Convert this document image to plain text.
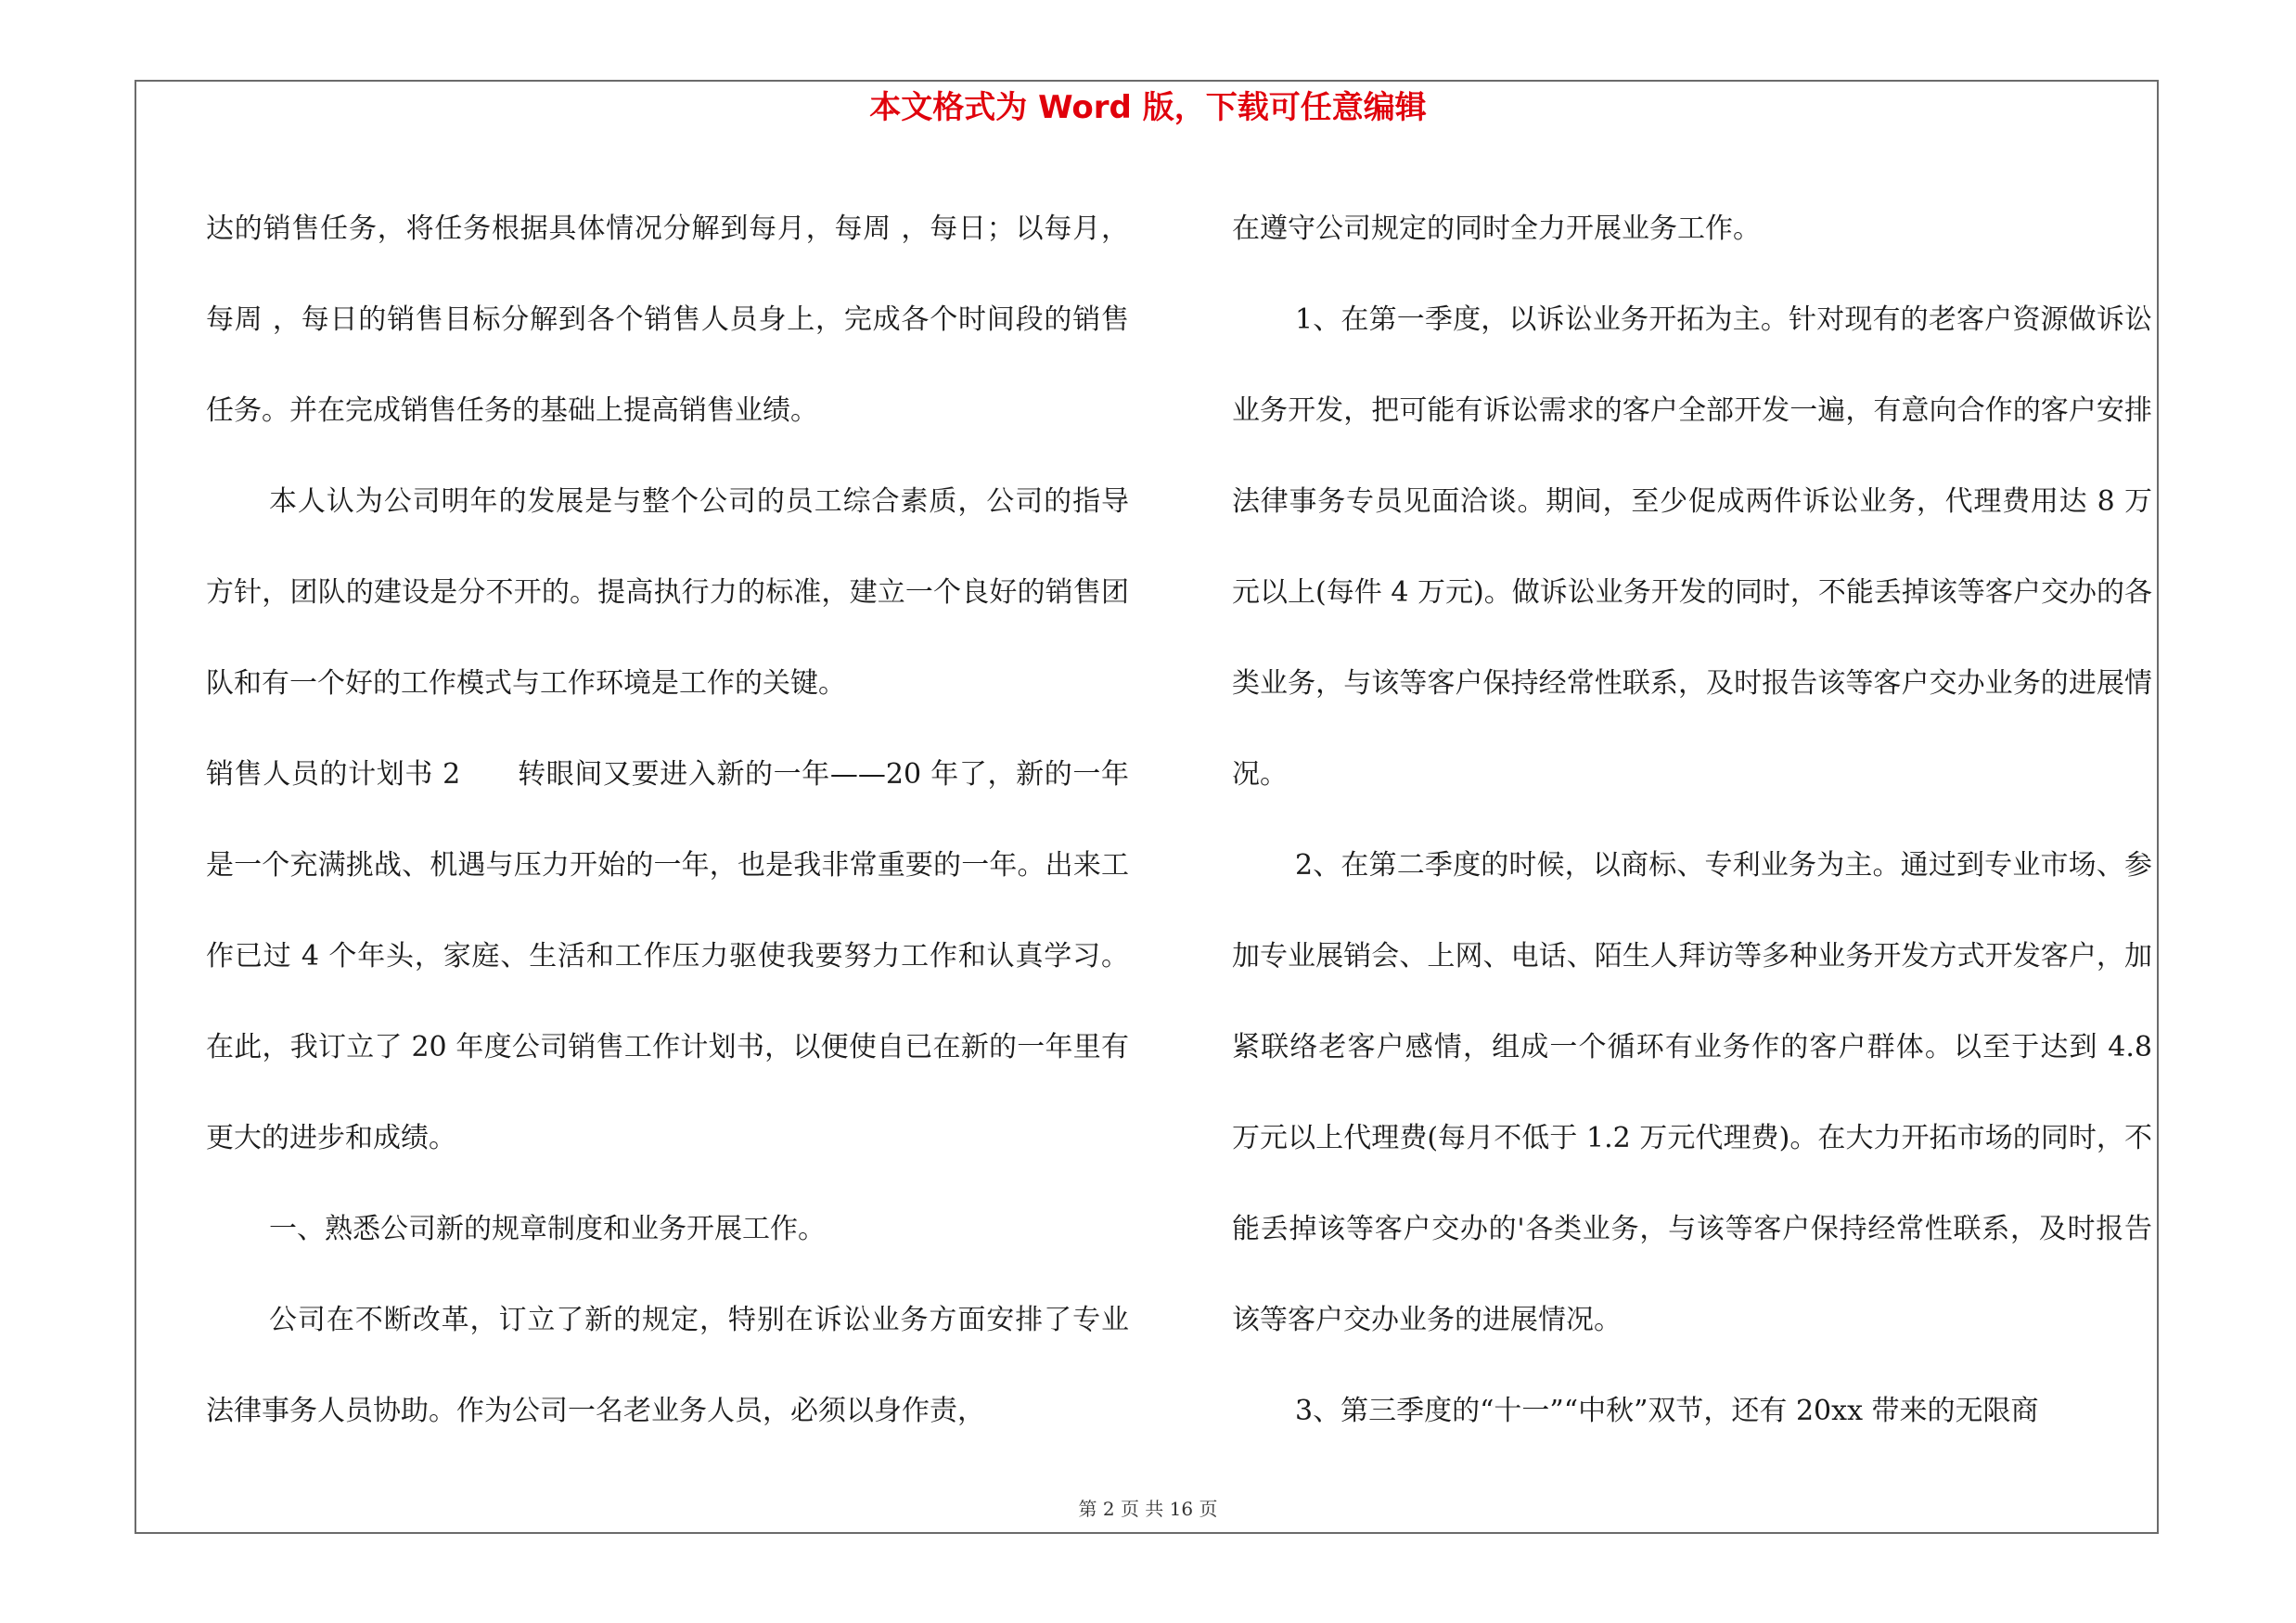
本文格式为 Word 版，下载可任意编辑

达的销售任务，将任务根据具体情况分解到每月，每周 ，每日；以每月，每周 ，每日的销售目标分解到各个销售人员身上，完成各个时间段的销售任务。并在完成销售任务的基础上提高销售业绩。

本人认为公司明年的发展是与整个公司的员工综合素质，公司的指导方针，团队的建设是分不开的。提高执行力的标准，建立一个良好的销售团队和有一个好的工作模式与工作环境是工作的关键。

销售人员的计划书 2　　转眼间又要进入新的一年——20 年了，新的一年是一个充满挑战、机遇与压力开始的一年，也是我非常重要的一年。出来工作已过 4 个年头，家庭、生活和工作压力驱使我要努力工作和认真学习。在此，我订立了 20 年度公司销售工作计划书，以便使自已在新的一年里有更大的进步和成绩。

一、熟悉公司新的规章制度和业务开展工作。

公司在不断改革，订立了新的规定，特别在诉讼业务方面安排了专业法律事务人员协助。作为公司一名老业务人员，必须以身作责，

在遵守公司规定的同时全力开展业务工作。

1、在第一季度，以诉讼业务开拓为主。针对现有的老客户资源做诉讼业务开发，把可能有诉讼需求的客户全部开发一遍，有意向合作的客户安排法律事务专员见面洽谈。期间，至少促成两件诉讼业务，代理费用达 8 万元以上(每件 4 万元)。做诉讼业务开发的同时，不能丢掉该等客户交办的各类业务，与该等客户保持经常性联系，及时报告该等客户交办业务的进展情况。

2、在第二季度的时候，以商标、专利业务为主。通过到专业市场、参加专业展销会、上网、电话、陌生人拜访等多种业务开发方式开发客户，加紧联络老客户感情，组成一个循环有业务作的客户群体。以至于达到 4.8 万元以上代理费(每月不低于 1.2 万元代理费)。在大力开拓市场的同时，不能丢掉该等客户交办的'各类业务，与该等客户保持经常性联系，及时报告该等客户交办业务的进展情况。

3、第三季度的“十一”“中秋”双节，还有 20xx 带来的无限商

第 2 页 共 16 页
